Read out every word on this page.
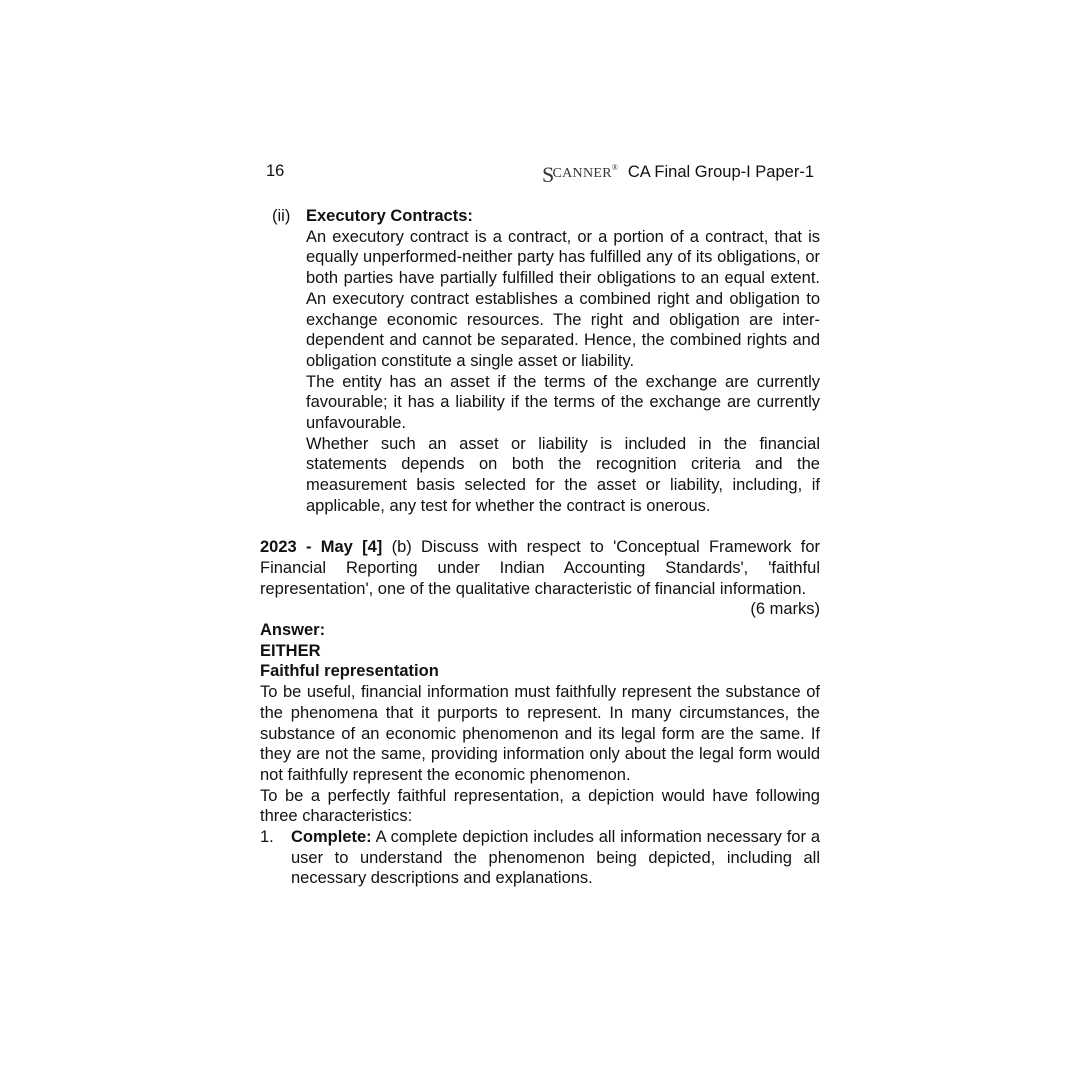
16	SCANNER® CA Final Group-I Paper-1
(ii) Executory Contracts:

An executory contract is a contract, or a portion of a contract, that is equally unperformed-neither party has fulfilled any of its obligations, or both parties have partially fulfilled their obligations to an equal extent. An executory contract establishes a combined right and obligation to exchange economic resources. The right and obligation are inter-dependent and cannot be separated. Hence, the combined rights and obligation constitute a single asset or liability.

The entity has an asset if the terms of the exchange are currently favourable; it has a liability if the terms of the exchange are currently unfavourable.

Whether such an asset or liability is included in the financial statements depends on both the recognition criteria and the measurement basis selected for the asset or liability, including, if applicable, any test for whether the contract is onerous.

2023 - May [4] (b) Discuss with respect to 'Conceptual Framework for Financial Reporting under Indian Accounting Standards', 'faithful representation', one of the qualitative characteristic of financial information.

(6 marks)

Answer:

EITHER

Faithful representation

To be useful, financial information must faithfully represent the substance of the phenomena that it purports to represent. In many circumstances, the substance of an economic phenomenon and its legal form are the same. If they are not the same, providing information only about the legal form would not faithfully represent the economic phenomenon.

To be a perfectly faithful representation, a depiction would have following three characteristics:

1. Complete: A complete depiction includes all information necessary for a user to understand the phenomenon being depicted, including all necessary descriptions and explanations.
